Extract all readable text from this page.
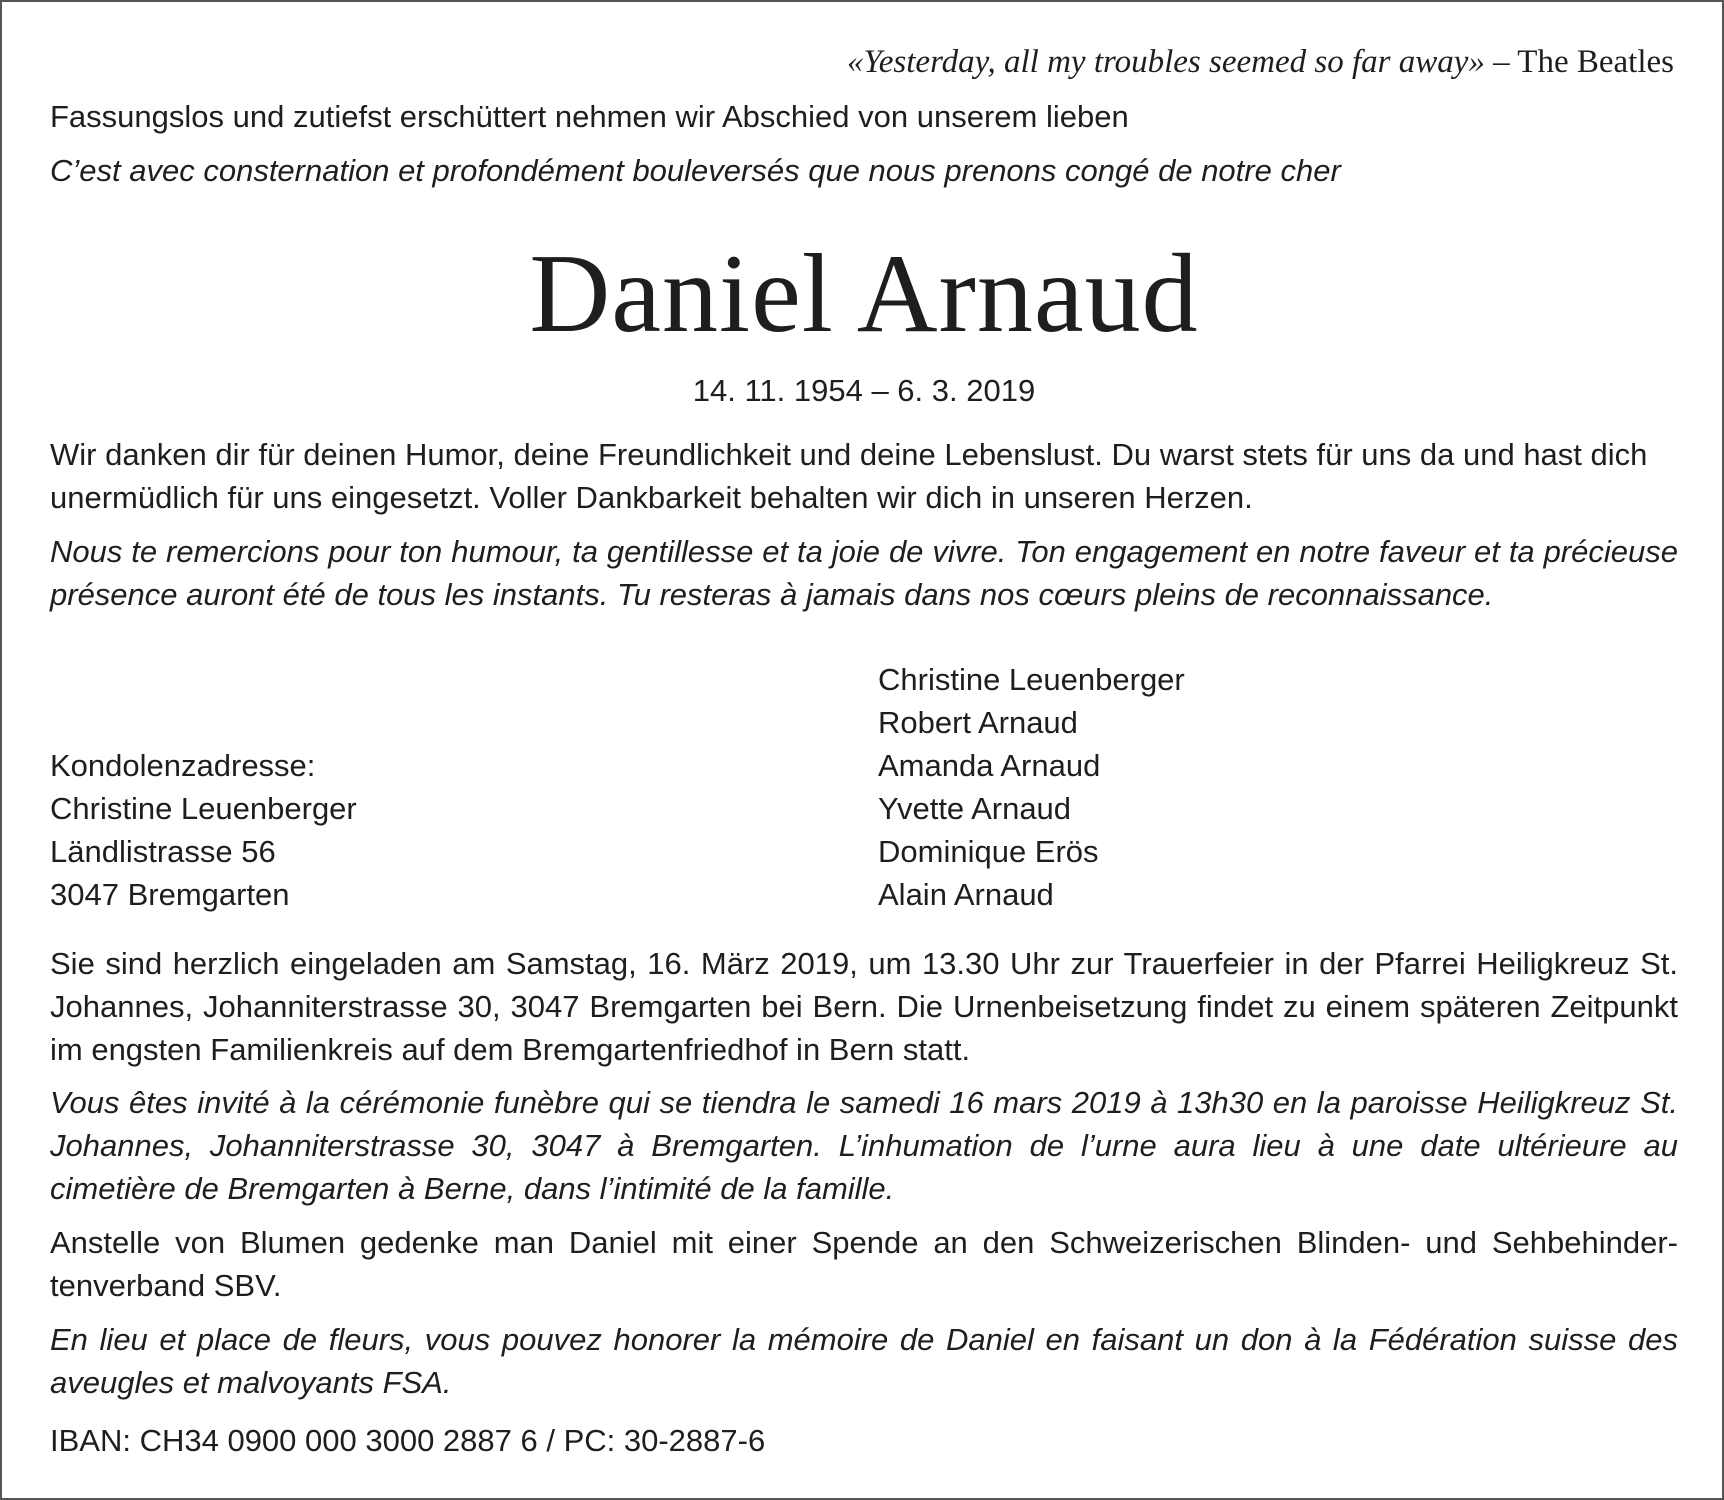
«Yesterday, all my troubles seemed so far away» – The Beatles
Fassungslos und zutiefst erschüttert nehmen wir Abschied von unserem lieben
C’est avec consternation et profondément bouleversés que nous prenons congé de notre cher
Daniel Arnaud
14. 11. 1954 – 6. 3. 2019
Wir danken dir für deinen Humor, deine Freundlichkeit und deine Lebenslust. Du warst stets für uns da und hast dich unermüdlich für uns eingesetzt. Voller Dankbarkeit behalten wir dich in unseren Herzen.
Nous te remercions pour ton humour, ta gentillesse et ta joie de vivre. Ton engagement en notre faveur et ta précieuse présence auront été de tous les instants. Tu resteras à jamais dans nos cœurs pleins de reconnaissance.
Kondolenzadresse:
Christine Leuenberger
Ländlistrasse 56
3047 Bremgarten
Christine Leuenberger
Robert Arnaud
Amanda Arnaud
Yvette Arnaud
Dominique Erös
Alain Arnaud
Sie sind herzlich eingeladen am Samstag, 16. März 2019, um 13.30 Uhr zur Trauerfeier in der Pfarrei Heiligkreuz St. Johannes, Johanniterstrasse 30, 3047 Bremgarten bei Bern. Die Urnenbeisetzung findet zu einem späteren Zeitpunkt im engsten Familienkreis auf dem Bremgartenfriedhof in Bern statt.
Vous êtes invité à la cérémonie funèbre qui se tiendra le samedi 16 mars 2019 à 13h30 en la paroisse Heiligkreuz St. Johannes, Johanniterstrasse 30, 3047 à Bremgarten. L’inhumation de l’urne aura lieu à une date ultérieure au cimetière de Bremgarten à Berne, dans l’intimité de la famille.
Anstelle von Blumen gedenke man Daniel mit einer Spende an den Schweizerischen Blinden- und Sehbehindertenverband SBV.
En lieu et place de fleurs, vous pouvez honorer la mémoire de Daniel en faisant un don à la Fédération suisse des aveugles et malvoyants FSA.
IBAN: CH34 0900 000 3000 2887 6 / PC: 30-2887-6
